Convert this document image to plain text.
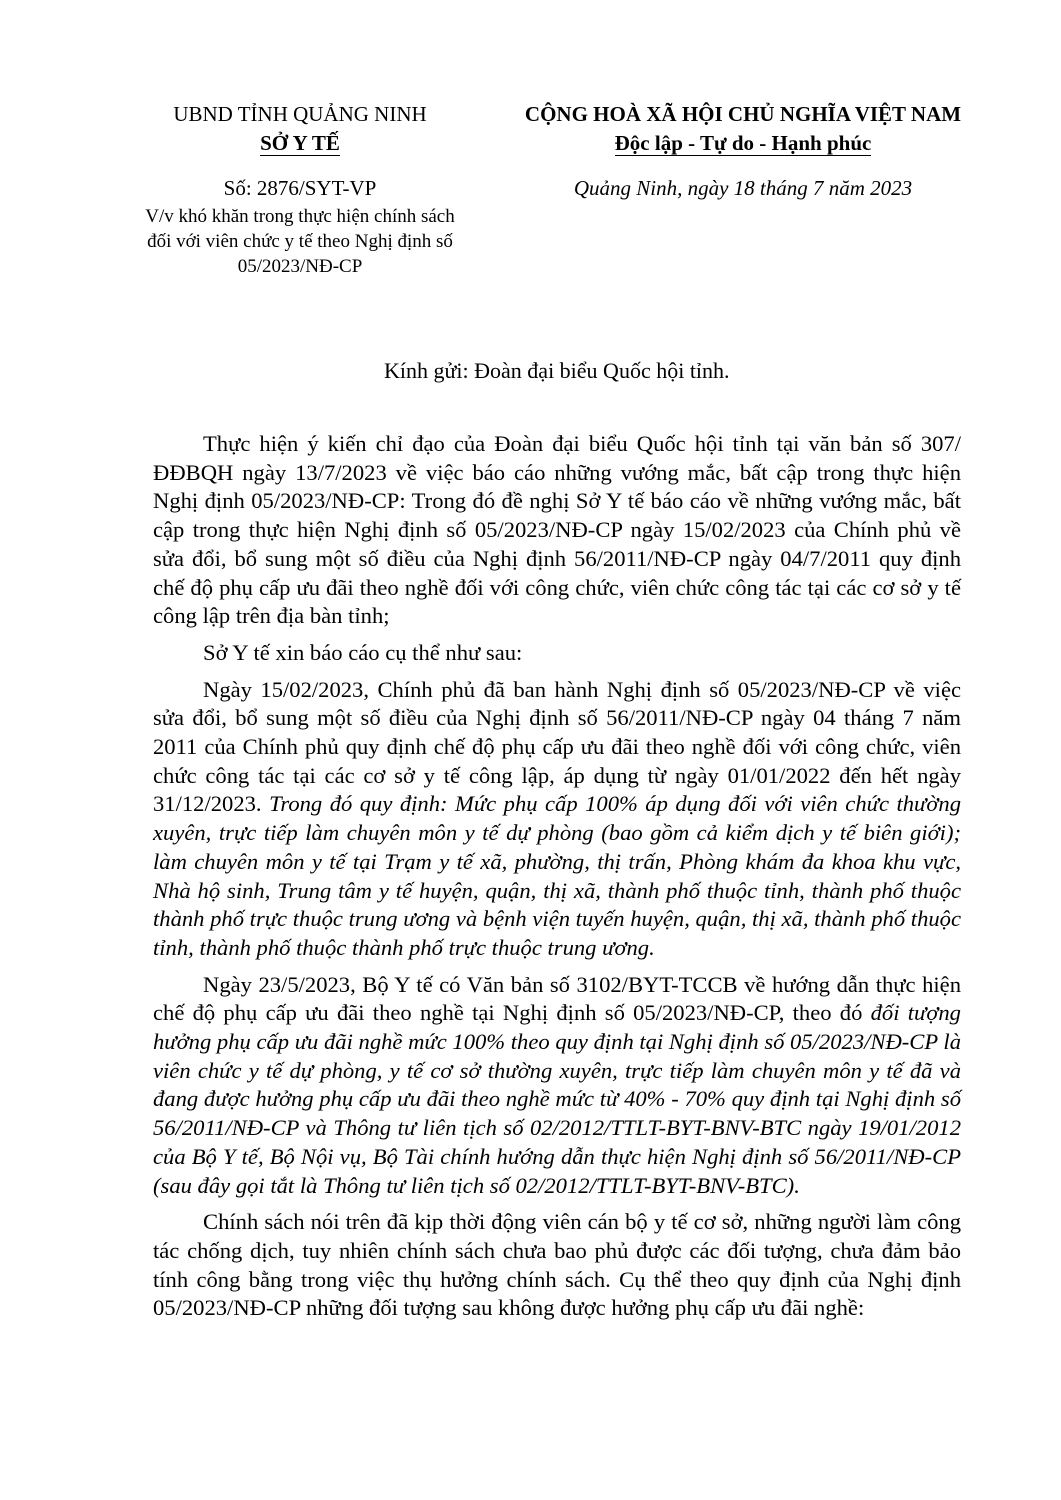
UBND TỈNH QUẢNG NINH
SỞ Y TẾ
Số: 2876/SYT-VP
V/v khó khăn trong thực hiện chính sách
đối với viên chức y tế theo Nghị định số
05/2023/NĐ-CP
CỘNG HOÀ XÃ HỘI CHỦ NGHĨA VIỆT NAM
Độc lập - Tự do - Hạnh phúc
Quảng Ninh, ngày 18 tháng 7 năm 2023
Kính gửi: Đoàn đại biểu Quốc hội tỉnh.

Thực hiện ý kiến chỉ đạo của Đoàn đại biểu Quốc hội tỉnh tại văn bản số 307/ĐĐBQH ngày 13/7/2023 về việc báo cáo những vướng mắc, bất cập trong thực hiện Nghị định 05/2023/NĐ-CP: Trong đó đề nghị Sở Y tế báo cáo về những vướng mắc, bất cập trong thực hiện Nghị định số 05/2023/NĐ-CP ngày 15/02/2023 của Chính phủ về sửa đổi, bổ sung một số điều của Nghị định 56/2011/NĐ-CP ngày 04/7/2011 quy định chế độ phụ cấp ưu đãi theo nghề đối với công chức, viên chức công tác tại các cơ sở y tế công lập trên địa bàn tỉnh;

Sở Y tế xin báo cáo cụ thể như sau:

Ngày 15/02/2023, Chính phủ đã ban hành Nghị định số 05/2023/NĐ-CP về việc sửa đổi, bổ sung một số điều của Nghị định số 56/2011/NĐ-CP ngày 04 tháng 7 năm 2011 của Chính phủ quy định chế độ phụ cấp ưu đãi theo nghề đối với công chức, viên chức công tác tại các cơ sở y tế công lập, áp dụng từ ngày 01/01/2022 đến hết ngày 31/12/2023. Trong đó quy định: Mức phụ cấp 100% áp dụng đối với viên chức thường xuyên, trực tiếp làm chuyên môn y tế dự phòng (bao gồm cả kiểm dịch y tế biên giới); làm chuyên môn y tế tại Trạm y tế xã, phường, thị trấn, Phòng khám đa khoa khu vực, Nhà hộ sinh, Trung tâm y tế huyện, quận, thị xã, thành phố thuộc tỉnh, thành phố thuộc thành phố trực thuộc trung ương và bệnh viện tuyến huyện, quận, thị xã, thành phố thuộc tỉnh, thành phố thuộc thành phố trực thuộc trung ương.

Ngày 23/5/2023, Bộ Y tế có Văn bản số 3102/BYT-TCCB về hướng dẫn thực hiện chế độ phụ cấp ưu đãi theo nghề tại Nghị định số 05/2023/NĐ-CP, theo đó đối tượng hưởng phụ cấp ưu đãi nghề mức 100% theo quy định tại Nghị định số 05/2023/NĐ-CP là viên chức y tế dự phòng, y tế cơ sở thường xuyên, trực tiếp làm chuyên môn y tế đã và đang được hưởng phụ cấp ưu đãi theo nghề mức từ 40% - 70% quy định tại Nghị định số 56/2011/NĐ-CP và Thông tư liên tịch số 02/2012/TTLT-BYT-BNV-BTC ngày 19/01/2012 của Bộ Y tế, Bộ Nội vụ, Bộ Tài chính hướng dẫn thực hiện Nghị định số 56/2011/NĐ-CP (sau đây gọi tắt là Thông tư liên tịch số 02/2012/TTLT-BYT-BNV-BTC).

Chính sách nói trên đã kịp thời động viên cán bộ y tế cơ sở, những người làm công tác chống dịch, tuy nhiên chính sách chưa bao phủ được các đối tượng, chưa đảm bảo tính công bằng trong việc thụ hưởng chính sách. Cụ thể theo quy định của Nghị định 05/2023/NĐ-CP những đối tượng sau không được hưởng phụ cấp ưu đãi nghề:
